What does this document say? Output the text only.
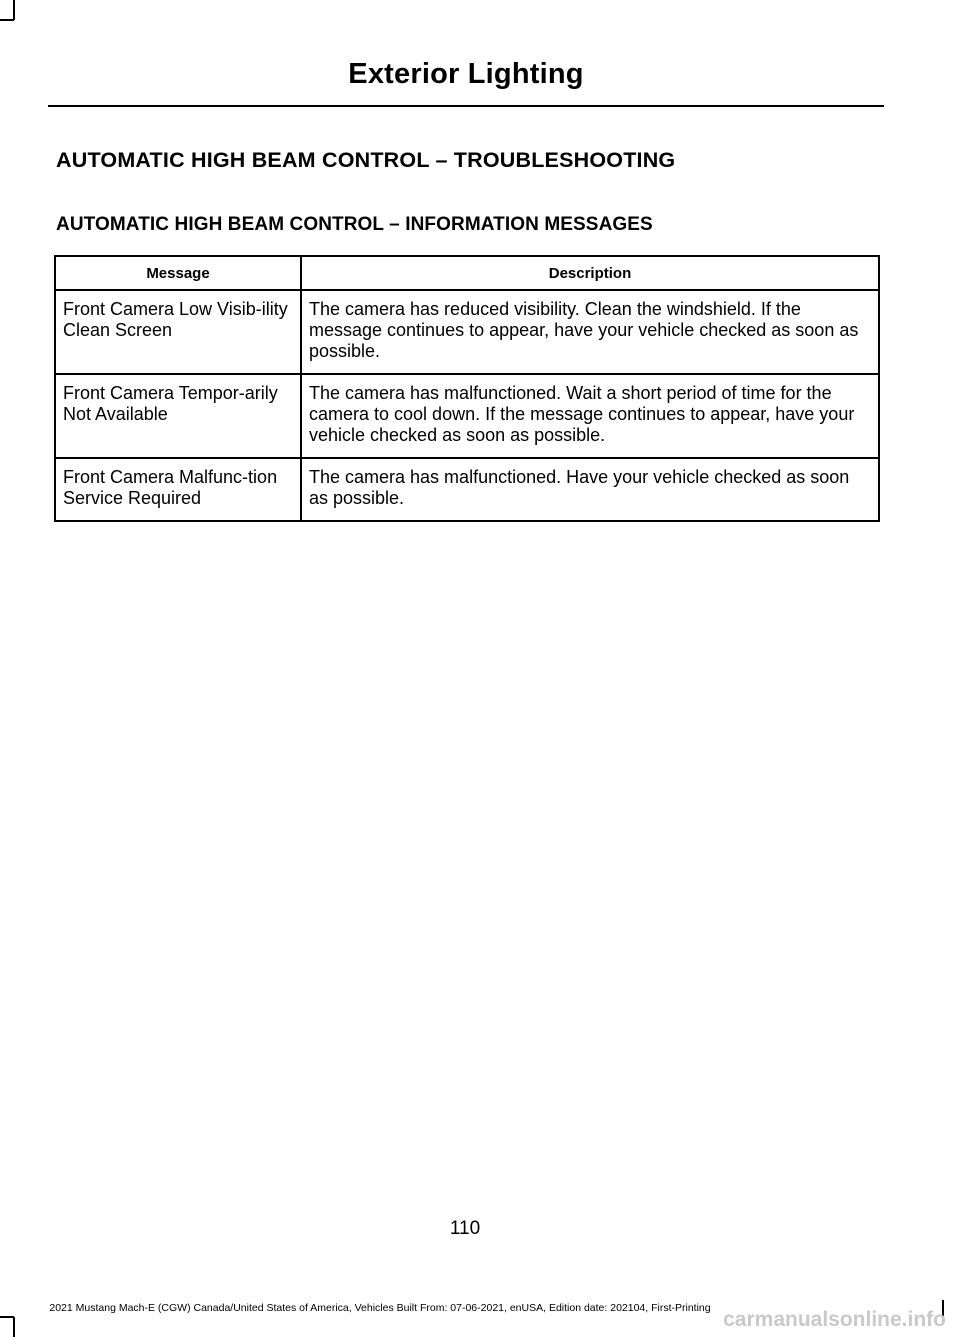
Exterior Lighting
AUTOMATIC HIGH BEAM CONTROL – TROUBLESHOOTING
AUTOMATIC HIGH BEAM CONTROL – INFORMATION MESSAGES
Message	Description
Front Camera Low Visib-ility Clean Screen	The camera has reduced visibility. Clean the windshield. If the message continues to appear, have your vehicle checked as soon as possible.
Front Camera Tempor-arily Not Available	The camera has malfunctioned. Wait a short period of time for the camera to cool down. If the message continues to appear, have your vehicle checked as soon as possible.
Front Camera Malfunc-tion Service Required	The camera has malfunctioned. Have your vehicle checked as soon as possible.
110
2021 Mustang Mach-E (CGW) Canada/United States of America, Vehicles Built From: 07-06-2021, enUSA, Edition date: 202104, First-Printing carmanualsonline.info
